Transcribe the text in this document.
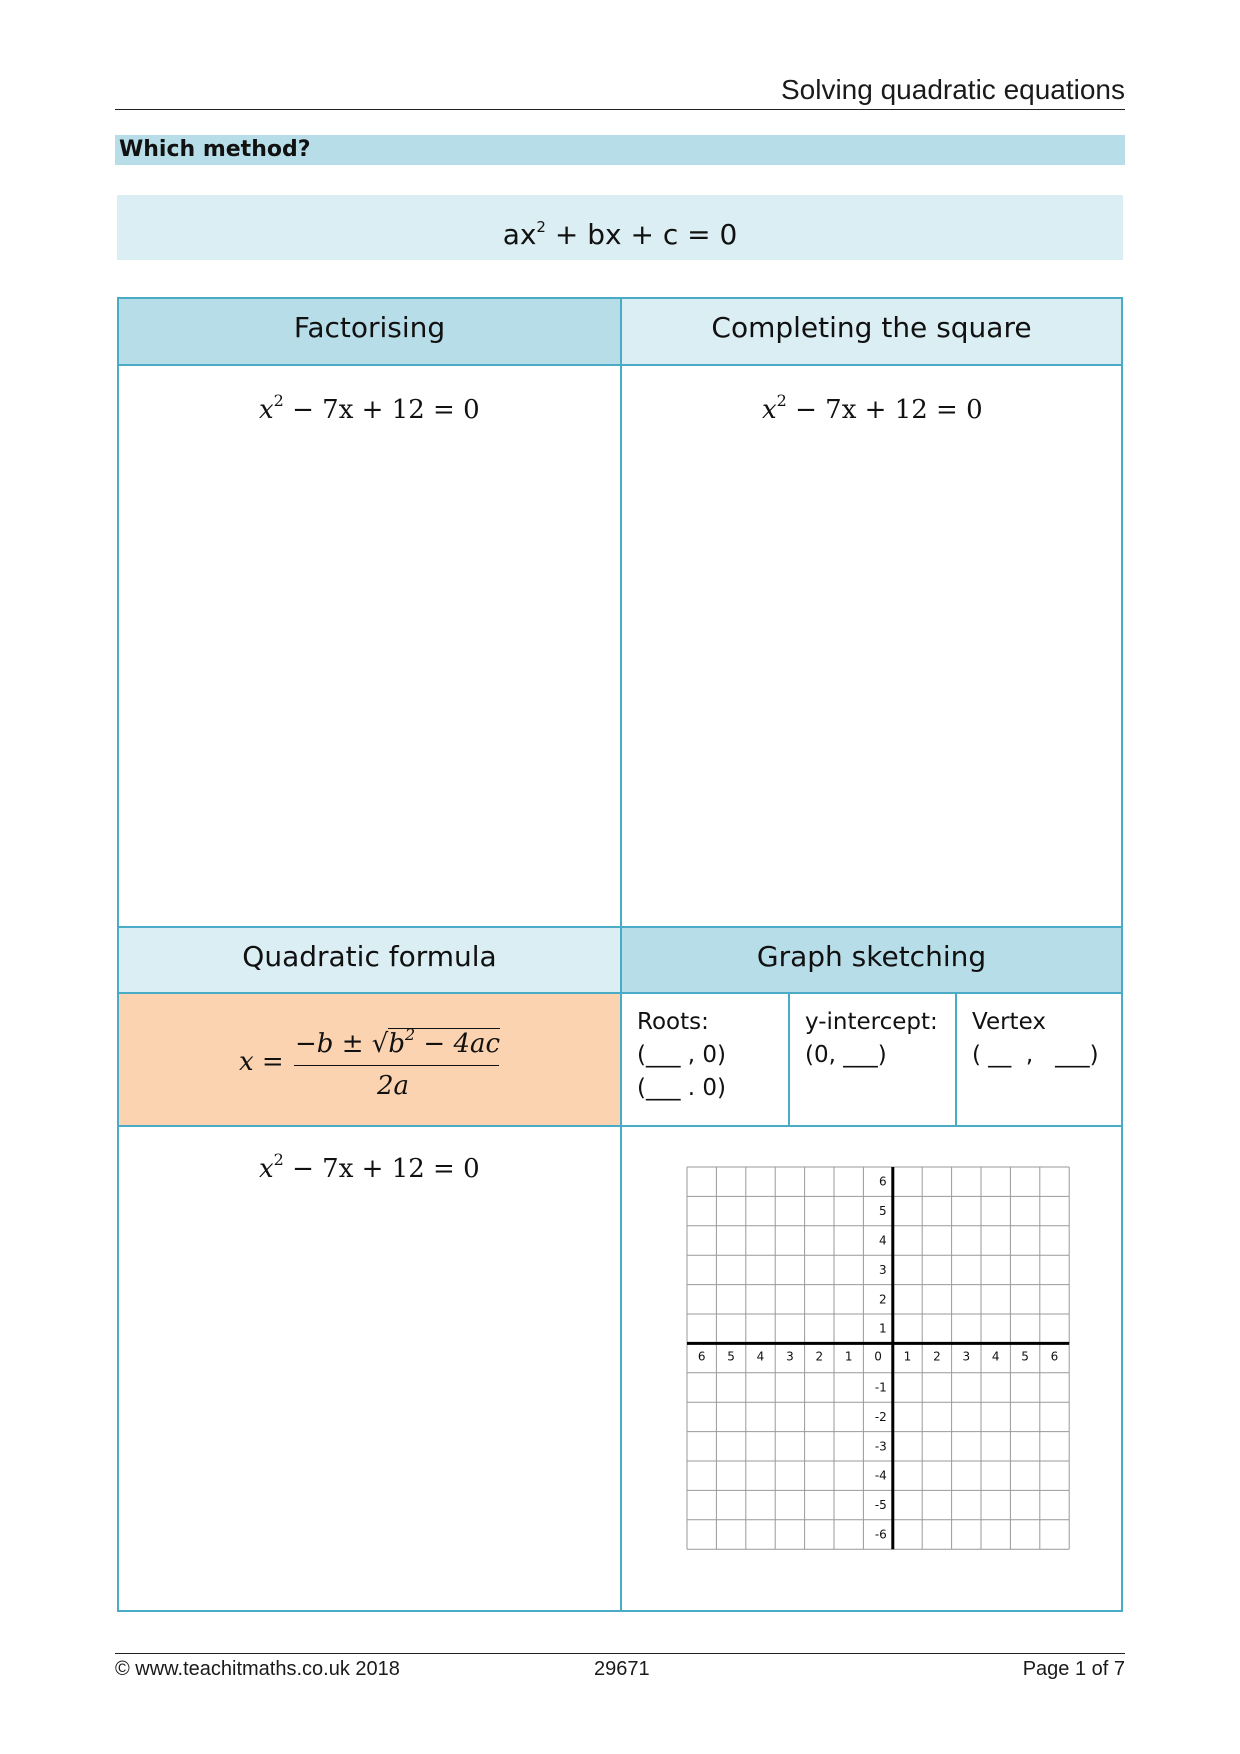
Solving quadratic equations
Which method?
$ax^2$ + bx + c = 0
Factorising	Completing the square
Quadratic formula	Graph sketching
$x^2 - 7x + 12 = 0$	$x^2 - 7x + 12 = 0$
$x^2 - 7x + 12 = 0$
x =
$-b \pm √b^2 - 4ac$
2a
Roots:
(___ , 0)
(___ . 0)
y-intercept:
(0, ___)
Vertex
( __  ,   ___)
6 5 4 3 2 1 0 1 2 3 4 5 6
6
5
4
3
2
1
-1
-2
-3
-4
-5
-6
© www.teachitmaths.co.uk 2018	29671	Page 1 of 7
